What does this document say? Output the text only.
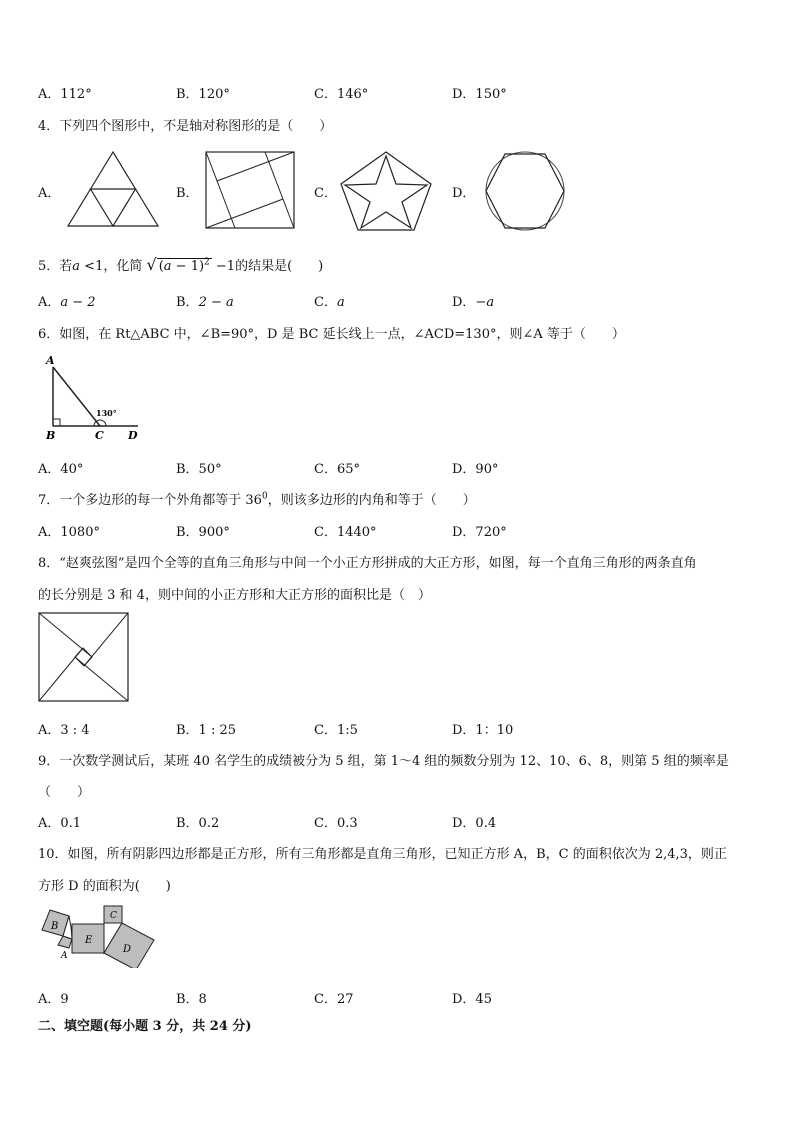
A．112°	B．120°	C．146°	D．150°
4．下列四个图形中，不是轴对称图形的是（　　）
A．	B．	C．	D．
5．若a <1，化简 √ $(a - 1)^2 -1$的结果是(　　)
A．a − 2	B．2 − a	C．a	D．−a
6．如图，在 Rt△ABC 中，∠B=90°，D 是 BC 延长线上一点，∠ACD=130°，则∠A 等于（　　）
A
B	C D
130°
A．40°	B．50°	C．65°	D．90°
7．一个多边形的每一个外角都等于 $36^0$，则该多边形的内角和等于（　　）
A．1080°	B．900°	C．1440°	D．720°
8．“赵爽弦图”是四个全等的直角三角形与中间一个小正方形拼成的大正方形，如图，每一个直角三角形的两条直角
的长分别是 3 和 4，则中间的小正方形和大正方形的面积比是（　）
A．3 : 4	B．1 : 25	C．1:5	D．1：10
9．一次数学测试后，某班 40 名学生的成绩被分为 5 组，第 1～4 组的频数分别为 12、10、6、8，则第 5 组的频率是
（　　）
A．0.1	B．0.2	C．0.3	D．0.4
10．如图，所有阴影四边形都是正方形，所有三角形都是直角三角形，已知正方形 A，B，C 的面积依次为 2,4,3，则正
方形 D 的面积为(　　)
B
A
E
C
D
A．9	B．8	C．27	D．45
二、填空题(每小题 3 分，共 24 分)
